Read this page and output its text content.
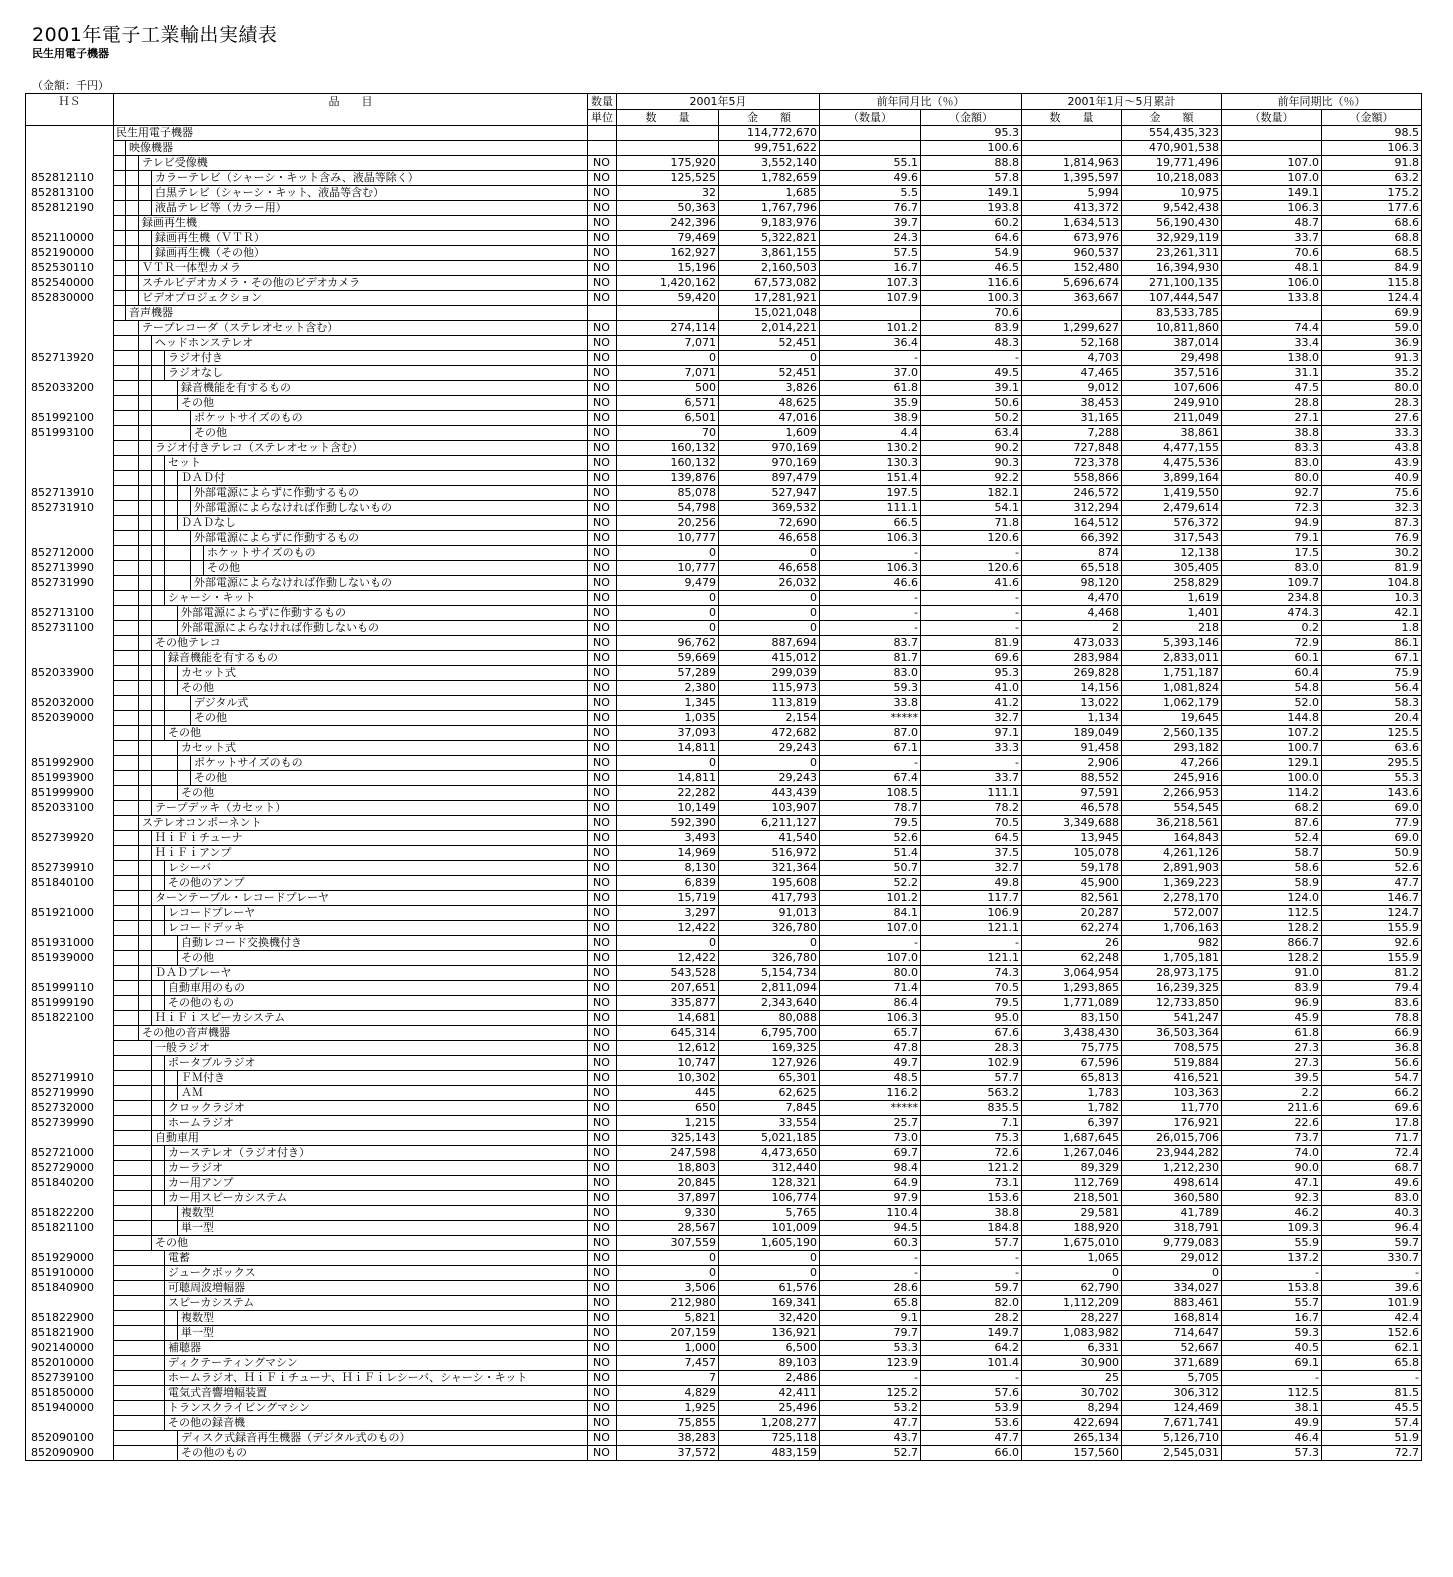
2001年電子工業輸出実績表
民生用電子機器
（金額：千円）
ＨＳ	品　　目	数量	2001年5月		前年同月比（％）		2001年1月～5月累計		前年同期比（％）	
		単位	数　　量	金　　額	（数量）	（金額）	数　　量	金　　額	（数量）	（金額）

	民生用電子機器			114,772,670		95.3		554,435,323		98.5

	映像機器			99,751,622		100.6		470,901,538		106.3

	テレビ受像機	NO	175,920	3,552,140	55.1	88.8	1,814,963	19,771,496	107.0	91.8
852812110	カラーテレビ（シャーシ・キット含み、液晶等除く）	NO	125,525	1,782,659	49.6	57.8	1,395,597	10,218,083	107.0	63.2
852813100	白黒テレビ（シャーシ・キット、液晶等含む）	NO	32	1,685	5.5	149.1	5,994	10,975	149.1	175.2
852812190	液晶テレビ等（カラー用）	NO	50,363	1,767,796	76.7	193.8	413,372	9,542,438	106.3	177.6

	録画再生機	NO	242,396	9,183,976	39.7	60.2	1,634,513	56,190,430	48.7	68.6
852110000	録画再生機（ＶＴＲ）	NO	79,469	5,322,821	24.3	64.6	673,976	32,929,119	33.7	68.8
852190000	録画再生機（その他）	NO	162,927	3,861,155	57.5	54.9	960,537	23,261,311	70.6	68.5
852530110	ＶＴＲ一体型カメラ	NO	15,196	2,160,503	16.7	46.5	152,480	16,394,930	48.1	84.9
852540000	スチルビデオカメラ・その他のビデオカメラ	NO	1,420,162	67,573,082	107.3	116.6	5,696,674	271,100,135	106.0	115.8
852830000	ビデオプロジェクション	NO	59,420	17,281,921	107.9	100.3	363,667	107,444,547	133.8	124.4

	音声機器			15,021,048		70.6		83,533,785		69.9

	テープレコーダ（ステレオセット含む）	NO	274,114	2,014,221	101.2	83.9	1,299,627	10,811,860	74.4	59.0

	ヘッドホンステレオ	NO	7,071	52,451	36.4	48.3	52,168	387,014	33.4	36.9
852713920	ラジオ付き	NO	0	0	-	-	4,703	29,498	138.0	91.3

	ラジオなし	NO	7,071	52,451	37.0	49.5	47,465	357,516	31.1	35.2
852033200	録音機能を有するもの	NO	500	3,826	61.8	39.1	9,012	107,606	47.5	80.0

	その他	NO	6,571	48,625	35.9	50.6	38,453	249,910	28.8	28.3
851992100	ポケットサイズのもの	NO	6,501	47,016	38.9	50.2	31,165	211,049	27.1	27.6
851993100	その他	NO	70	1,609	4.4	63.4	7,288	38,861	38.8	33.3

	ラジオ付きテレコ（ステレオセット含む）	NO	160,132	970,169	130.2	90.2	727,848	4,477,155	83.3	43.8

	セット	NO	160,132	970,169	130.3	90.3	723,378	4,475,536	83.0	43.9

	ＤＡＤ付	NO	139,876	897,479	151.4	92.2	558,866	3,899,164	80.0	40.9
852713910	外部電源によらずに作動するもの	NO	85,078	527,947	197.5	182.1	246,572	1,419,550	92.7	75.6
852731910	外部電源によらなければ作動しないもの	NO	54,798	369,532	111.1	54.1	312,294	2,479,614	72.3	32.3

	ＤＡＤなし	NO	20,256	72,690	66.5	71.8	164,512	576,372	94.9	87.3

	外部電源によらずに作動するもの	NO	10,777	46,658	106.3	120.6	66,392	317,543	79.1	76.9
852712000	ホケットサイズのもの	NO	0	0	-	-	874	12,138	17.5	30.2
852713990	その他	NO	10,777	46,658	106.3	120.6	65,518	305,405	83.0	81.9
852731990	外部電源によらなければ作動しないもの	NO	9,479	26,032	46.6	41.6	98,120	258,829	109.7	104.8

	シャーシ・キット	NO	0	0	-	-	4,470	1,619	234.8	10.3
852713100	外部電源によらずに作動するもの	NO	0	0	-	-	4,468	1,401	474.3	42.1
852731100	外部電源によらなければ作動しないもの	NO	0	0	-	-	2	218	0.2	1.8

	その他テレコ	NO	96,762	887,694	83.7	81.9	473,033	5,393,146	72.9	86.1

	録音機能を有するもの	NO	59,669	415,012	81.7	69.6	283,984	2,833,011	60.1	67.1
852033900	カセット式	NO	57,289	299,039	83.0	95.3	269,828	1,751,187	60.4	75.9

	その他	NO	2,380	115,973	59.3	41.0	14,156	1,081,824	54.8	56.4
852032000	デジタル式	NO	1,345	113,819	33.8	41.2	13,022	1,062,179	52.0	58.3
852039000	その他	NO	1,035	2,154	*****	32.7	1,134	19,645	144.8	20.4

	その他	NO	37,093	472,682	87.0	97.1	189,049	2,560,135	107.2	125.5

	カセット式	NO	14,811	29,243	67.1	33.3	91,458	293,182	100.7	63.6
851992900	ポケットサイズのもの	NO	0	0	-	-	2,906	47,266	129.1	295.5
851993900	その他	NO	14,811	29,243	67.4	33.7	88,552	245,916	100.0	55.3
851999900	その他	NO	22,282	443,439	108.5	111.1	97,591	2,266,953	114.2	143.6
852033100	テープデッキ（カセット）	NO	10,149	103,907	78.7	78.2	46,578	554,545	68.2	69.0

	ステレオコンポーネント	NO	592,390	6,211,127	79.5	70.5	3,349,688	36,218,561	87.6	77.9
852739920	ＨｉＦｉチューナ	NO	3,493	41,540	52.6	64.5	13,945	164,843	52.4	69.0

	ＨｉＦｉアンプ	NO	14,969	516,972	51.4	37.5	105,078	4,261,126	58.7	50.9
852739910	レシーバ	NO	8,130	321,364	50.7	32.7	59,178	2,891,903	58.6	52.6
851840100	その他のアンプ	NO	6,839	195,608	52.2	49.8	45,900	1,369,223	58.9	47.7

	ターンテーブル・レコードプレーヤ	NO	15,719	417,793	101.2	117.7	82,561	2,278,170	124.0	146.7
851921000	レコードプレーヤ	NO	3,297	91,013	84.1	106.9	20,287	572,007	112.5	124.7

	レコードデッキ	NO	12,422	326,780	107.0	121.1	62,274	1,706,163	128.2	155.9
851931000	自動レコード交換機付き	NO	0	0	-	-	26	982	866.7	92.6
851939000	その他	NO	12,422	326,780	107.0	121.1	62,248	1,705,181	128.2	155.9

	ＤＡＤプレーヤ	NO	543,528	5,154,734	80.0	74.3	3,064,954	28,973,175	91.0	81.2
851999110	自動車用のもの	NO	207,651	2,811,094	71.4	70.5	1,293,865	16,239,325	83.9	79.4
851999190	その他のもの	NO	335,877	2,343,640	86.4	79.5	1,771,089	12,733,850	96.9	83.6
851822100	ＨｉＦｉスピーカシステム	NO	14,681	80,088	106.3	95.0	83,150	541,247	45.9	78.8

	その他の音声機器	NO	645,314	6,795,700	65.7	67.6	3,438,430	36,503,364	61.8	66.9

	一般ラジオ	NO	12,612	169,325	47.8	28.3	75,775	708,575	27.3	36.8

	ポータブルラジオ	NO	10,747	127,926	49.7	102.9	67,596	519,884	27.3	56.6
852719910	ＦＭ付き	NO	10,302	65,301	48.5	57.7	65,813	416,521	39.5	54.7
852719990	ＡＭ	NO	445	62,625	116.2	563.2	1,783	103,363	2.2	66.2
852732000	クロックラジオ	NO	650	7,845	*****	835.5	1,782	11,770	211.6	69.6
852739990	ホームラジオ	NO	1,215	33,554	25.7	7.1	6,397	176,921	22.6	17.8

	自動車用	NO	325,143	5,021,185	73.0	75.3	1,687,645	26,015,706	73.7	71.7
852721000	カーステレオ（ラジオ付き）	NO	247,598	4,473,650	69.7	72.6	1,267,046	23,944,282	74.0	72.4
852729000	カーラジオ	NO	18,803	312,440	98.4	121.2	89,329	1,212,230	90.0	68.7
851840200	カー用アンプ	NO	20,845	128,321	64.9	73.1	112,769	498,614	47.1	49.6

	カー用スピーカシステム	NO	37,897	106,774	97.9	153.6	218,501	360,580	92.3	83.0
851822200	複数型	NO	9,330	5,765	110.4	38.8	29,581	41,789	46.2	40.3
851821100	単一型	NO	28,567	101,009	94.5	184.8	188,920	318,791	109.3	96.4

	その他	NO	307,559	1,605,190	60.3	57.7	1,675,010	9,779,083	55.9	59.7
851929000	電蓄	NO	0	0	-	-	1,065	29,012	137.2	330.7
851910000	ジュークボックス	NO	0	0	-	-	0	0	-	-
851840900	可聴周波増幅器	NO	3,506	61,576	28.6	59.7	62,790	334,027	153.8	39.6

	スピーカシステム	NO	212,980	169,341	65.8	82.0	1,112,209	883,461	55.7	101.9
851822900	複数型	NO	5,821	32,420	9.1	28.2	28,227	168,814	16.7	42.4
851821900	単一型	NO	207,159	136,921	79.7	149.7	1,083,982	714,647	59.3	152.6
902140000	補聴器	NO	1,000	6,500	53.3	64.2	6,331	52,667	40.5	62.1
852010000	ディクテーティングマシン	NO	7,457	89,103	123.9	101.4	30,900	371,689	69.1	65.8
852739100	ホームラジオ、ＨｉＦｉチューナ、ＨｉＦｉレシーバ、シャーシ・キット	NO	7	2,486	-	-	25	5,705	-	-
851850000	電気式音響増幅装置	NO	4,829	42,411	125.2	57.6	30,702	306,312	112.5	81.5
851940000	トランスクライビングマシン	NO	1,925	25,496	53.2	53.9	8,294	124,469	38.1	45.5

	その他の録音機	NO	75,855	1,208,277	47.7	53.6	422,694	7,671,741	49.9	57.4
852090100	ディスク式録音再生機器（デジタル式のもの）	NO	38,283	725,118	43.7	47.7	265,134	5,126,710	46.4	51.9
852090900	その他のもの	NO	37,572	483,159	52.7	66.0	157,560	2,545,031	57.3	72.7
